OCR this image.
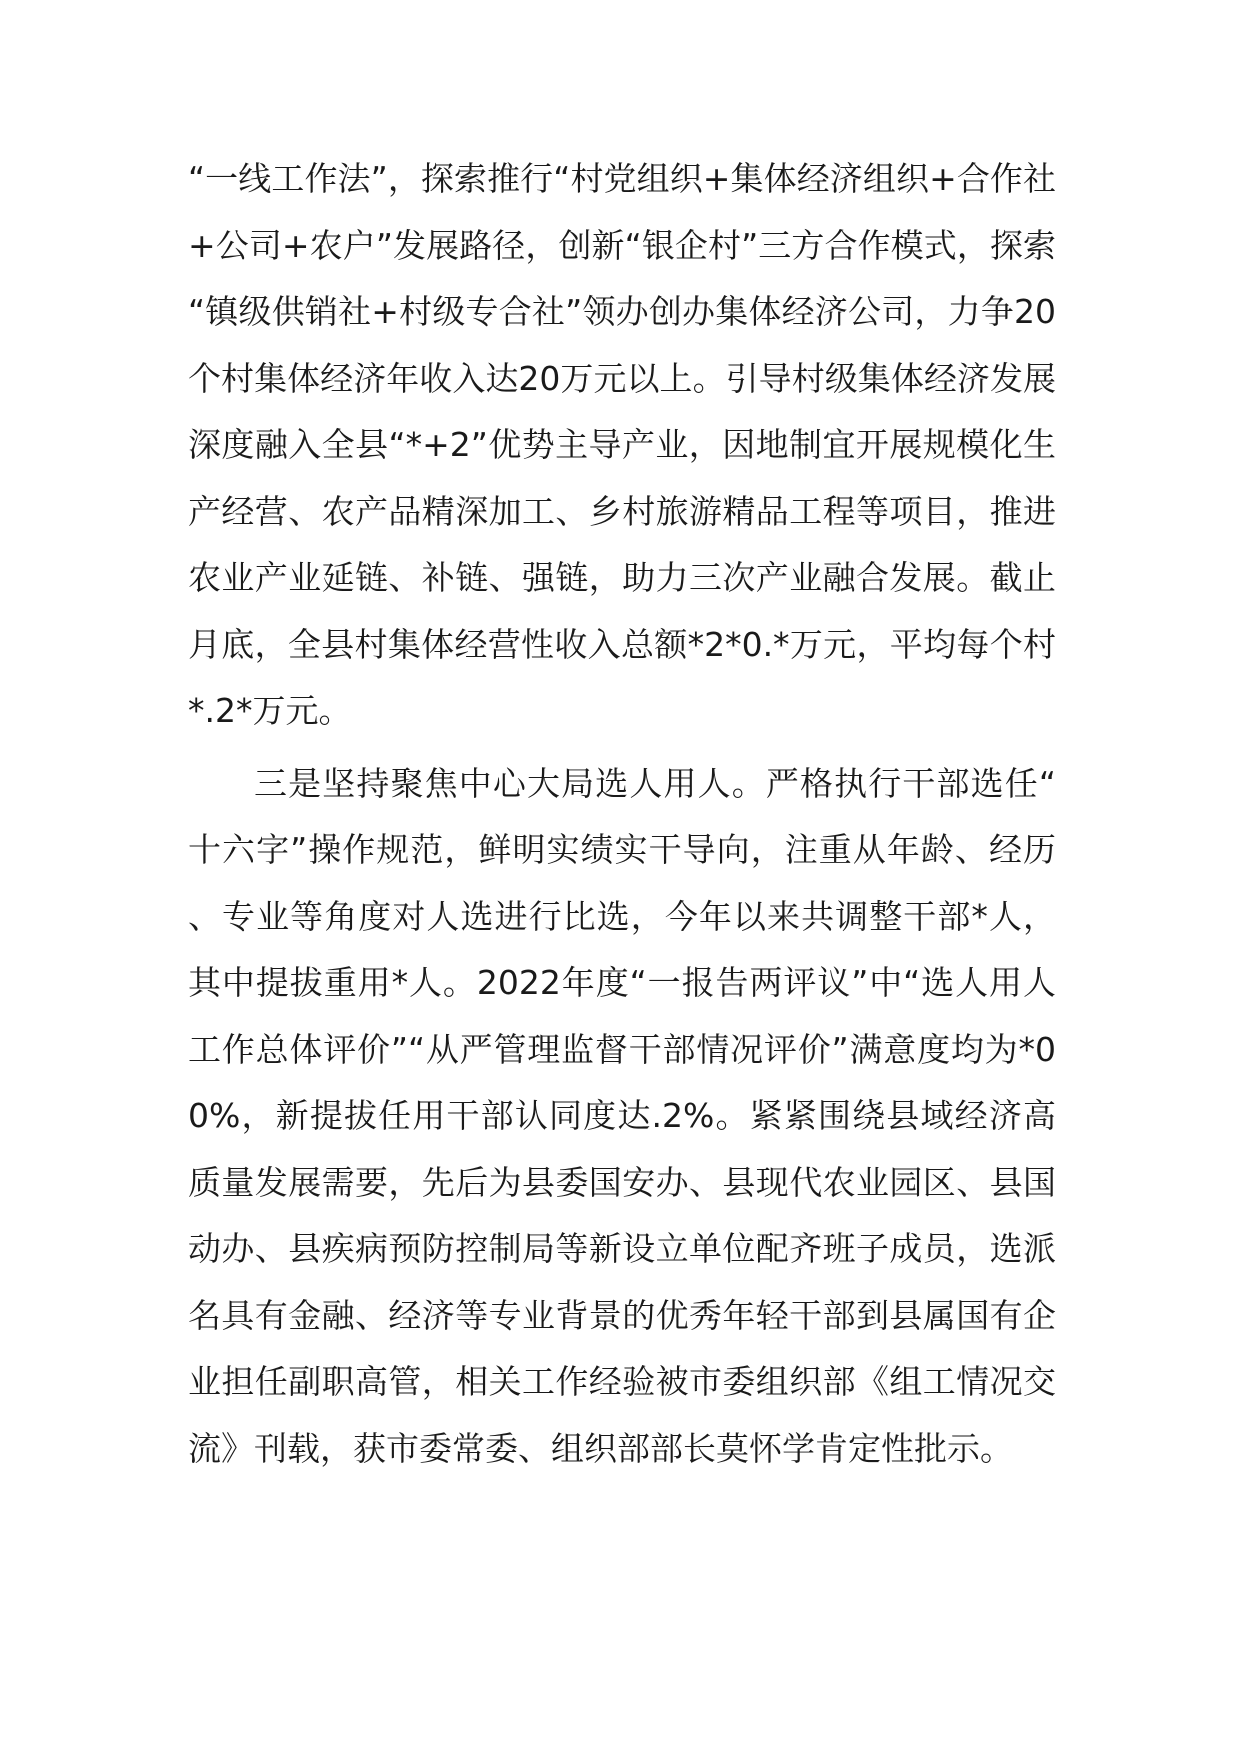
“一线工作法”，探索推行“村党组织+集体经济组织+合作社+公司+农户”发展路径，创新“银企村”三方合作模式，探索“镇级供销社+村级专合社”领办创办集体经济公司，力争20个村集体经济年收入达20万元以上。引导村级集体经济发展深度融入全县“*+2”优势主导产业，因地制宜开展规模化生产经营、农产品精深加工、乡村旅游精品工程等项目，推进农业产业延链、补链、强链，助力三次产业融合发展。截止月底，全县村集体经营性收入总额*2*0.*万元，平均每个村*.2*万元。

三是坚持聚焦中心大局选人用人。严格执行干部选任“十六字”操作规范，鲜明实绩实干导向，注重从年龄、经历、专业等角度对人选进行比选，今年以来共调整干部*人，其中提拔重用*人。2022年度“一报告两评议”中“选人用人工作总体评价”“从严管理监督干部情况评价”满意度均为*00%，新提拔任用干部认同度达.2%。紧紧围绕县域经济高质量发展需要，先后为县委国安办、县现代农业园区、县国动办、县疾病预防控制局等新设立单位配齐班子成员，选派名具有金融、经济等专业背景的优秀年轻干部到县属国有企业担任副职高管，相关工作经验被市委组织部《组工情况交流》刊载，获市委常委、组织部部长莫怀学肯定性批示。
